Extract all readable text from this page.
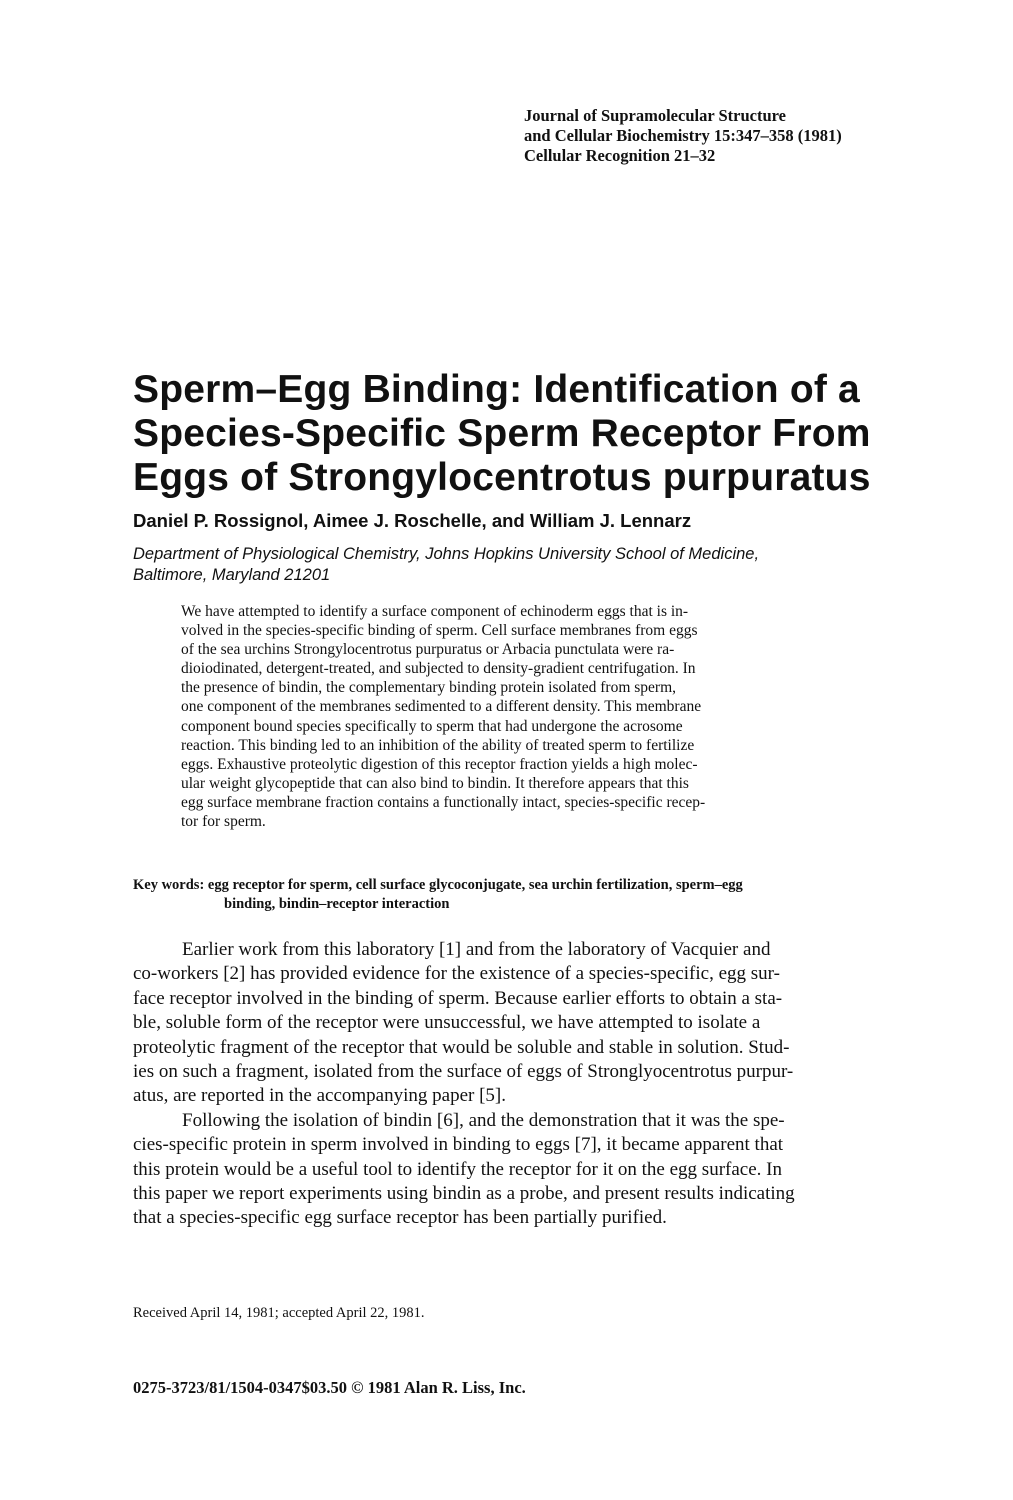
Journal of Supramolecular Structure
and Cellular Biochemistry 15:347–358 (1981)
Cellular Recognition 21–32
Sperm–Egg Binding: Identification of a
Species-Specific Sperm Receptor From
Eggs of Strongylocentrotus purpuratus
Daniel P. Rossignol, Aimee J. Roschelle, and William J. Lennarz
Department of Physiological Chemistry, Johns Hopkins University School of Medicine,
Baltimore, Maryland 21201
We have attempted to identify a surface component of echinoderm eggs that is in-
volved in the species-specific binding of sperm. Cell surface membranes from eggs
of the sea urchins Strongylocentrotus purpuratus or Arbacia punctulata were ra-
dioiodinated, detergent-treated, and subjected to density-gradient centrifugation. In
the presence of bindin, the complementary binding protein isolated from sperm,
one component of the membranes sedimented to a different density. This membrane
component bound species specifically to sperm that had undergone the acrosome
reaction. This binding led to an inhibition of the ability of treated sperm to fertilize
eggs. Exhaustive proteolytic digestion of this receptor fraction yields a high molec-
ular weight glycopeptide that can also bind to bindin. It therefore appears that this
egg surface membrane fraction contains a functionally intact, species-specific recep-
tor for sperm.
Key words: egg receptor for sperm, cell surface glycoconjugate, sea urchin fertilization, sperm–egg
binding, bindin–receptor interaction
Earlier work from this laboratory [1] and from the laboratory of Vacquier and
co-workers [2] has provided evidence for the existence of a species-specific, egg sur-
face receptor involved in the binding of sperm. Because earlier efforts to obtain a sta-
ble, soluble form of the receptor were unsuccessful, we have attempted to isolate a
proteolytic fragment of the receptor that would be soluble and stable in solution. Stud-
ies on such a fragment, isolated from the surface of eggs of Stronglyocentrotus purpur-
atus, are reported in the accompanying paper [5].
Following the isolation of bindin [6], and the demonstration that it was the spe-
cies-specific protein in sperm involved in binding to eggs [7], it became apparent that
this protein would be a useful tool to identify the receptor for it on the egg surface. In
this paper we report experiments using bindin as a probe, and present results indicating
that a species-specific egg surface receptor has been partially purified.
Received April 14, 1981; accepted April 22, 1981.
0275-3723/81/1504-0347$03.50 © 1981 Alan R. Liss, Inc.
